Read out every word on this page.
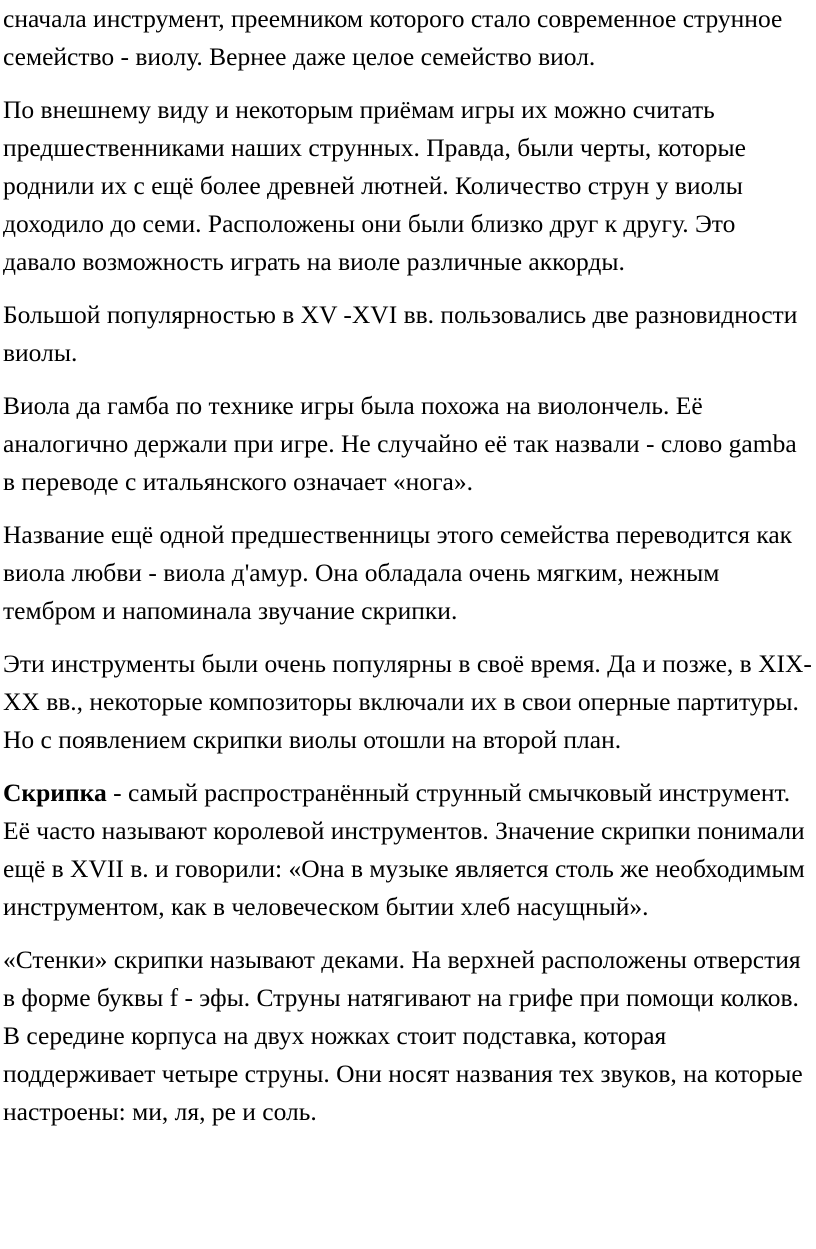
сначала инструмент, преемником которого стало современное струнное семейство - виолу. Вернее даже целое семейство виол.

По внешнему виду и некоторым приёмам игры их можно считать предшественниками наших струнных. Правда, были черты, которые роднили их с ещё более древней лютней. Количество струн у виолы доходило до семи. Расположены они были близко друг к другу. Это давало возможность играть на виоле различные аккорды.

Большой популярностью в XV -XVI вв. пользовались две разновидности виолы.

Виола да гамба по технике игры была похожа на виолончель. Её аналогично держали при игре. Не случайно её так назвали - слово gamba в переводе с итальянского означает «нога».

Название ещё одной предшественницы этого семейства переводится как виола любви - виола д'амур. Она обладала очень мягким, нежным тембром и напоминала звучание скрипки.

Эти инструменты были очень популярны в своё время. Да и позже, в XIX-XX вв., некоторые композиторы включали их в свои оперные партитуры. Но с появлением скрипки виолы отошли на второй план.

Скрипка - самый распространённый струнный смычковый инструмент. Её часто называют королевой инструментов. Значение скрипки понимали ещё в XVII в. и говорили: «Она в музыке является столь же необходимым инструментом, как в человеческом бытии хлеб насущный».

«Стенки» скрипки называют деками. На верхней расположены отверстия в форме буквы f - эфы. Струны натягивают на грифе при помощи колков. В середине корпуса на двух ножках стоит подставка, которая поддерживает четыре струны. Они носят названия тех звуков, на которые настроены: ми, ля, ре и соль.
